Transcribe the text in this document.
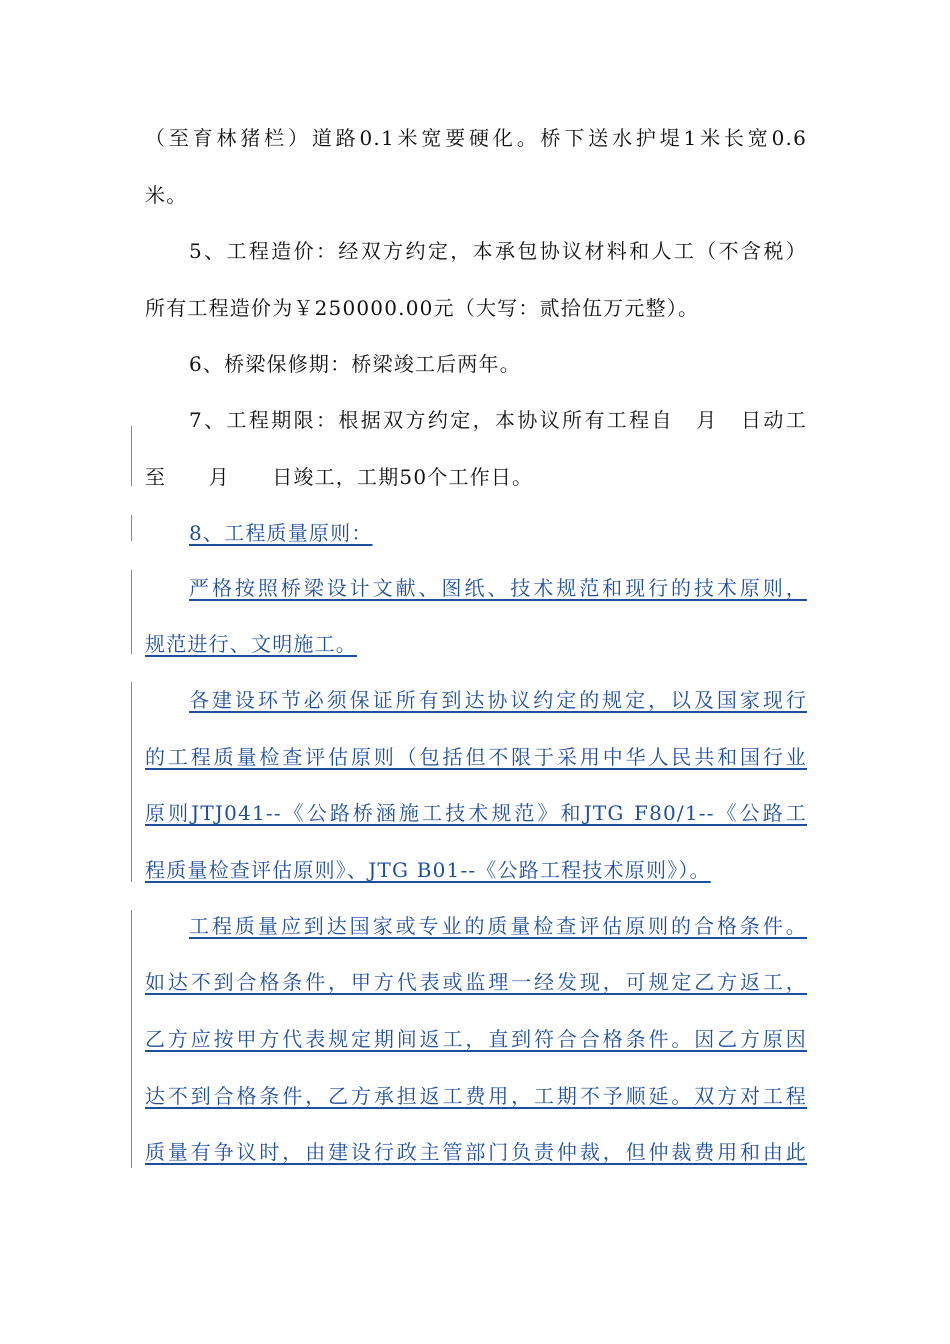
（至育林猪栏）道路0.1米宽要硬化。桥下送水护堤1米长宽0.6
米。
5、工程造价：经双方约定，本承包协议材料和人工（不含税）
所有工程造价为￥250000.00元（大写：贰拾伍万元整）。
6、桥梁保修期：桥梁竣工后两年。
7、工程期限：根据双方约定，本协议所有工程自　月　日动工
至　　月　　日竣工，工期50个工作日。
8、工程质量原则：
严格按照桥梁设计文献、图纸、技术规范和现行的技术原则，
规范进行、文明施工。
各建设环节必须保证所有到达协议约定的规定，以及国家现行
的工程质量检查评估原则（包括但不限于采用中华人民共和国行业
原则JTJ041--《公路桥涵施工技术规范》和JTG F80/1--《公路工
程质量检查评估原则》、JTG B01--《公路工程技术原则》）。
工程质量应到达国家或专业的质量检查评估原则的合格条件。
如达不到合格条件，甲方代表或监理一经发现，可规定乙方返工，
乙方应按甲方代表规定期间返工，直到符合合格条件。因乙方原因
达不到合格条件，乙方承担返工费用，工期不予顺延。双方对工程
质量有争议时，由建设行政主管部门负责仲裁，但仲裁费用和由此
